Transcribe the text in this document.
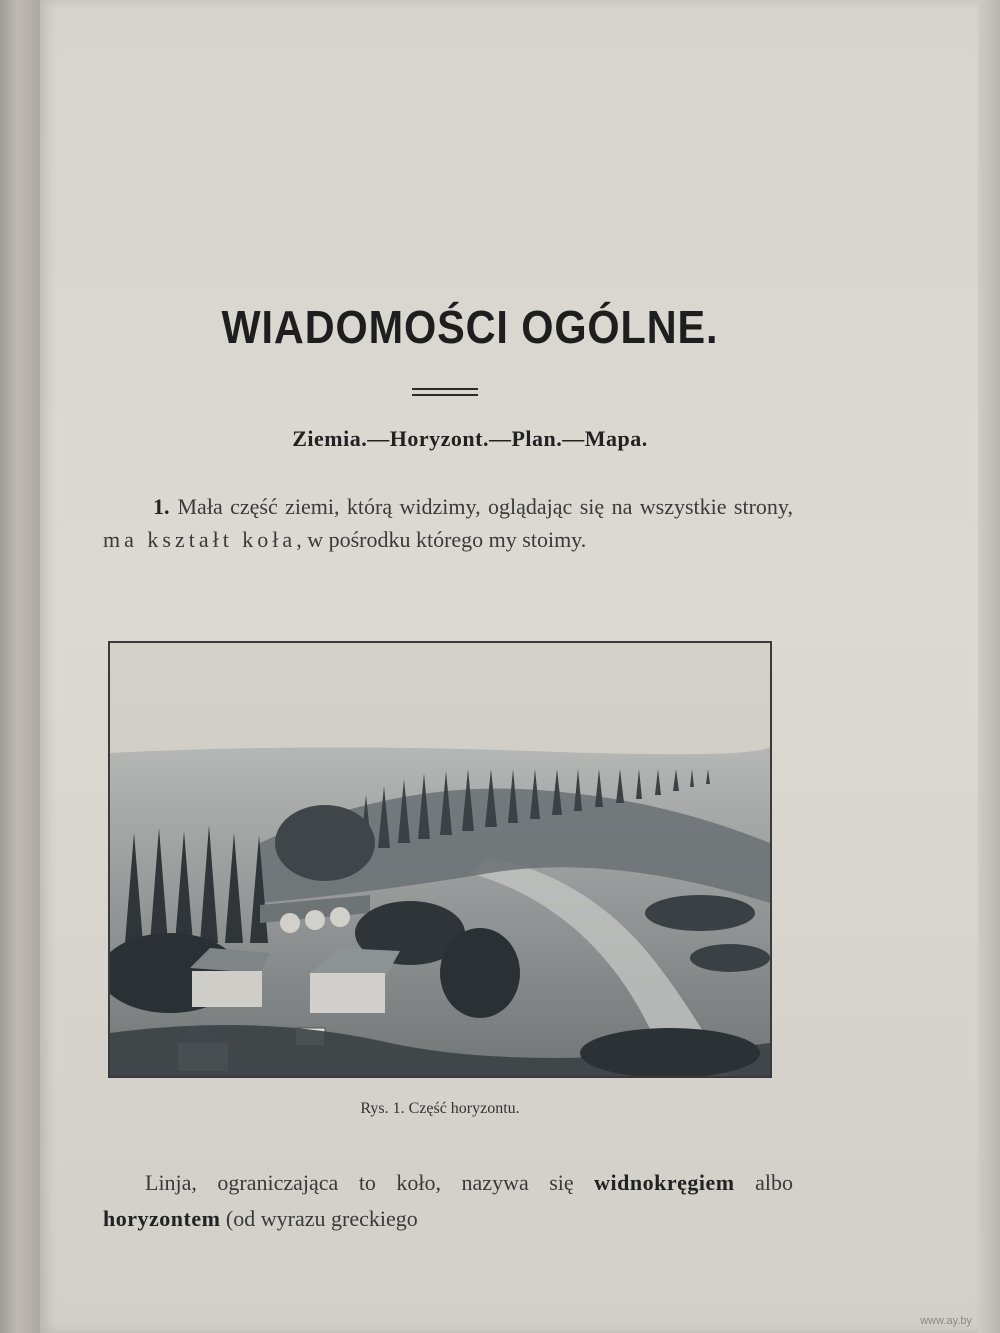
WIADOMOŚCI OGÓLNE.
Ziemia.—Horyzont.—Plan.—Mapa.
1. Mała część ziemi, którą widzimy, oglądając się na wszystkie strony, ma kształt koła, w pośrodku którego my stoimy.
Rys. 1. Część horyzontu.
Linja, ograniczająca to koło, nazywa się widnokręgiem albo horyzontem (od wyrazu greckiego
www.ay.by
